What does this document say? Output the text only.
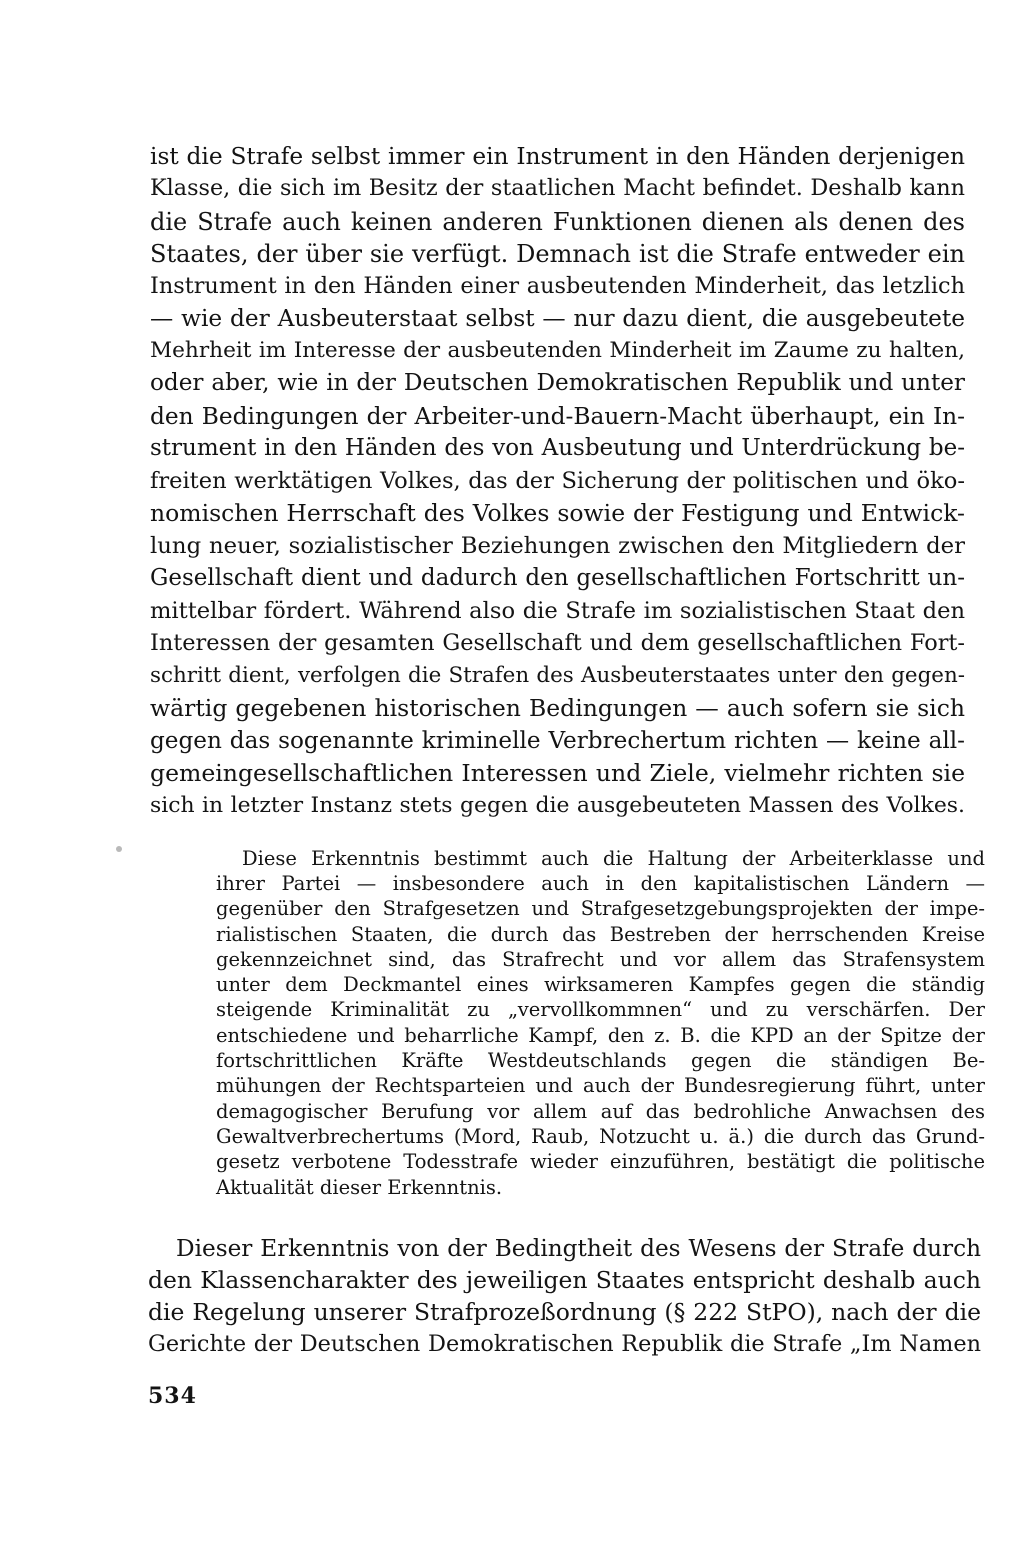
ist die Strafe selbst immer ein Instrument in den Händen derjenigen
Klasse, die sich im Besitz der staatlichen Macht befindet. Deshalb kann
die Strafe auch keinen anderen Funktionen dienen als denen des
Staates, der über sie verfügt. Demnach ist die Strafe entweder ein
Instrument in den Händen einer ausbeutenden Minderheit, das letzlich
— wie der Ausbeuterstaat selbst — nur dazu dient, die ausgebeutete
Mehrheit im Interesse der ausbeutenden Minderheit im Zaume zu halten,
oder aber, wie in der Deutschen Demokratischen Republik und unter
den Bedingungen der Arbeiter-und-Bauern-Macht überhaupt, ein In-
strument in den Händen des von Ausbeutung und Unterdrückung be-
freiten werktätigen Volkes, das der Sicherung der politischen und öko-
nomischen Herrschaft des Volkes sowie der Festigung und Entwick-
lung neuer, sozialistischer Beziehungen zwischen den Mitgliedern der
Gesellschaft dient und dadurch den gesellschaftlichen Fortschritt un-
mittelbar fördert. Während also die Strafe im sozialistischen Staat den
Interessen der gesamten Gesellschaft und dem gesellschaftlichen Fort-
schritt dient, verfolgen die Strafen des Ausbeuterstaates unter den gegen-
wärtig gegebenen historischen Bedingungen — auch sofern sie sich
gegen das sogenannte kriminelle Verbrechertum richten — keine all-
gemeingesellschaftlichen Interessen und Ziele, vielmehr richten sie
sich in letzter Instanz stets gegen die ausgebeuteten Massen des Volkes.
Diese Erkenntnis bestimmt auch die Haltung der Arbeiterklasse und
ihrer Partei — insbesondere auch in den kapitalistischen Ländern —
gegenüber den Strafgesetzen und Strafgesetzgebungsprojekten der impe-
rialistischen Staaten, die durch das Bestreben der herrschenden Kreise
gekennzeichnet sind, das Strafrecht und vor allem das Strafensystem
unter dem Deckmantel eines wirksameren Kampfes gegen die ständig
steigende Kriminalität zu „vervollkommnen“ und zu verschärfen. Der
entschiedene und beharrliche Kampf, den z. B. die KPD an der Spitze der
fortschrittlichen Kräfte Westdeutschlands gegen die ständigen Be-
mühungen der Rechtsparteien und auch der Bundesregierung führt, unter
demagogischer Berufung vor allem auf das bedrohliche Anwachsen des
Gewaltverbrechertums (Mord, Raub, Notzucht u. ä.) die durch das Grund-
gesetz verbotene Todesstrafe wieder einzuführen, bestätigt die politische
Aktualität dieser Erkenntnis.
Dieser Erkenntnis von der Bedingtheit des Wesens der Strafe durch
den Klassencharakter des jeweiligen Staates entspricht deshalb auch
die Regelung unserer Strafprozeßordnung (§ 222 StPO), nach der die
Gerichte der Deutschen Demokratischen Republik die Strafe „Im Namen
534
